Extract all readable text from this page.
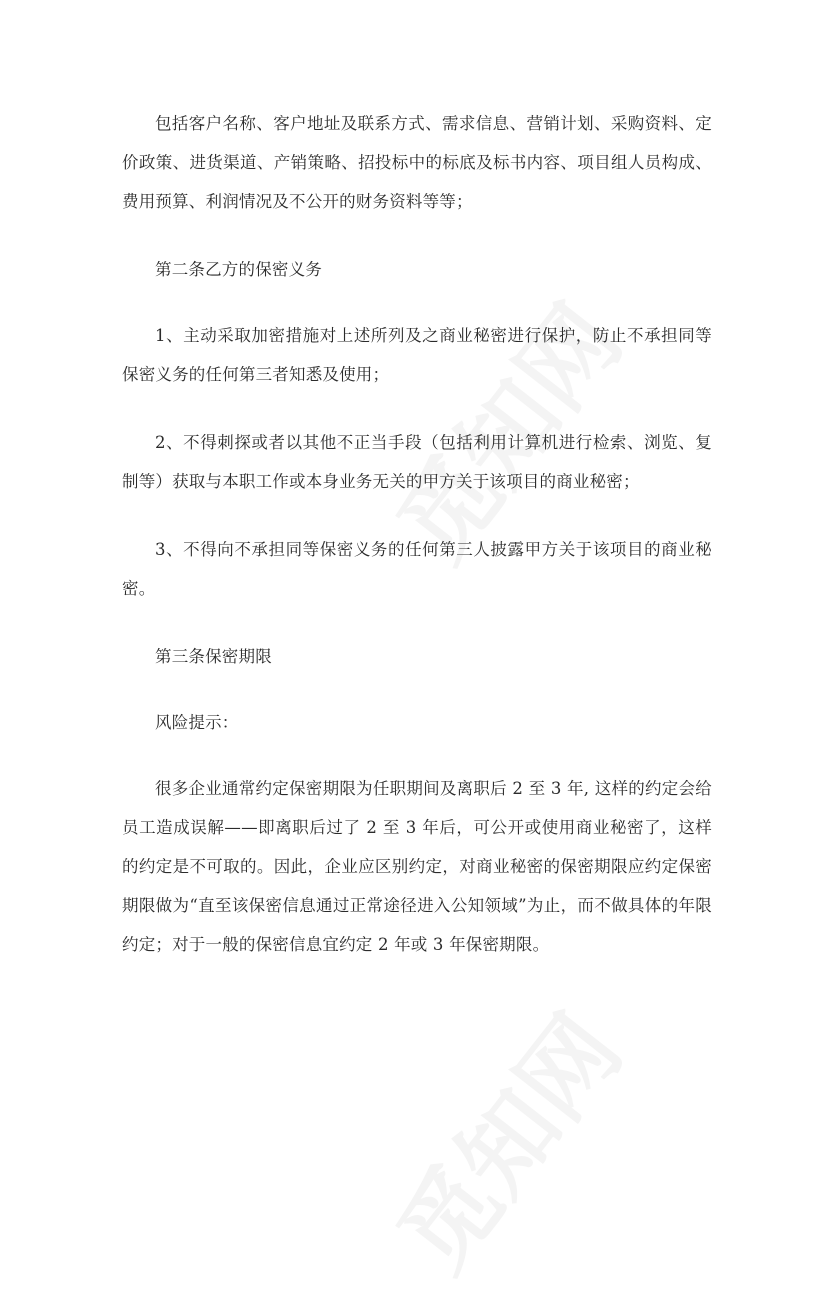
包括客户名称、客户地址及联系方式、需求信息、营销计划、采购资料、定价政策、进货渠道、产销策略、招投标中的标底及标书内容、项目组人员构成、费用预算、利润情况及不公开的财务资料等等；

第二条乙方的保密义务

1、主动采取加密措施对上述所列及之商业秘密进行保护，防止不承担同等保密义务的任何第三者知悉及使用；

2、不得刺探或者以其他不正当手段（包括利用计算机进行检索、浏览、复制等）获取与本职工作或本身业务无关的甲方关于该项目的商业秘密；

3、不得向不承担同等保密义务的任何第三人披露甲方关于该项目的商业秘密。

第三条保密期限

风险提示：

很多企业通常约定保密期限为任职期间及离职后 2 至 3 年, 这样的约定会给员工造成误解——即离职后过了 2 至 3 年后，可公开或使用商业秘密了，这样的约定是不可取的。因此，企业应区别约定，对商业秘密的保密期限应约定保密期限做为“直至该保密信息通过正常途径进入公知领域”为止，而不做具体的年限约定；对于一般的保密信息宜约定 2 年或 3 年保密期限。
